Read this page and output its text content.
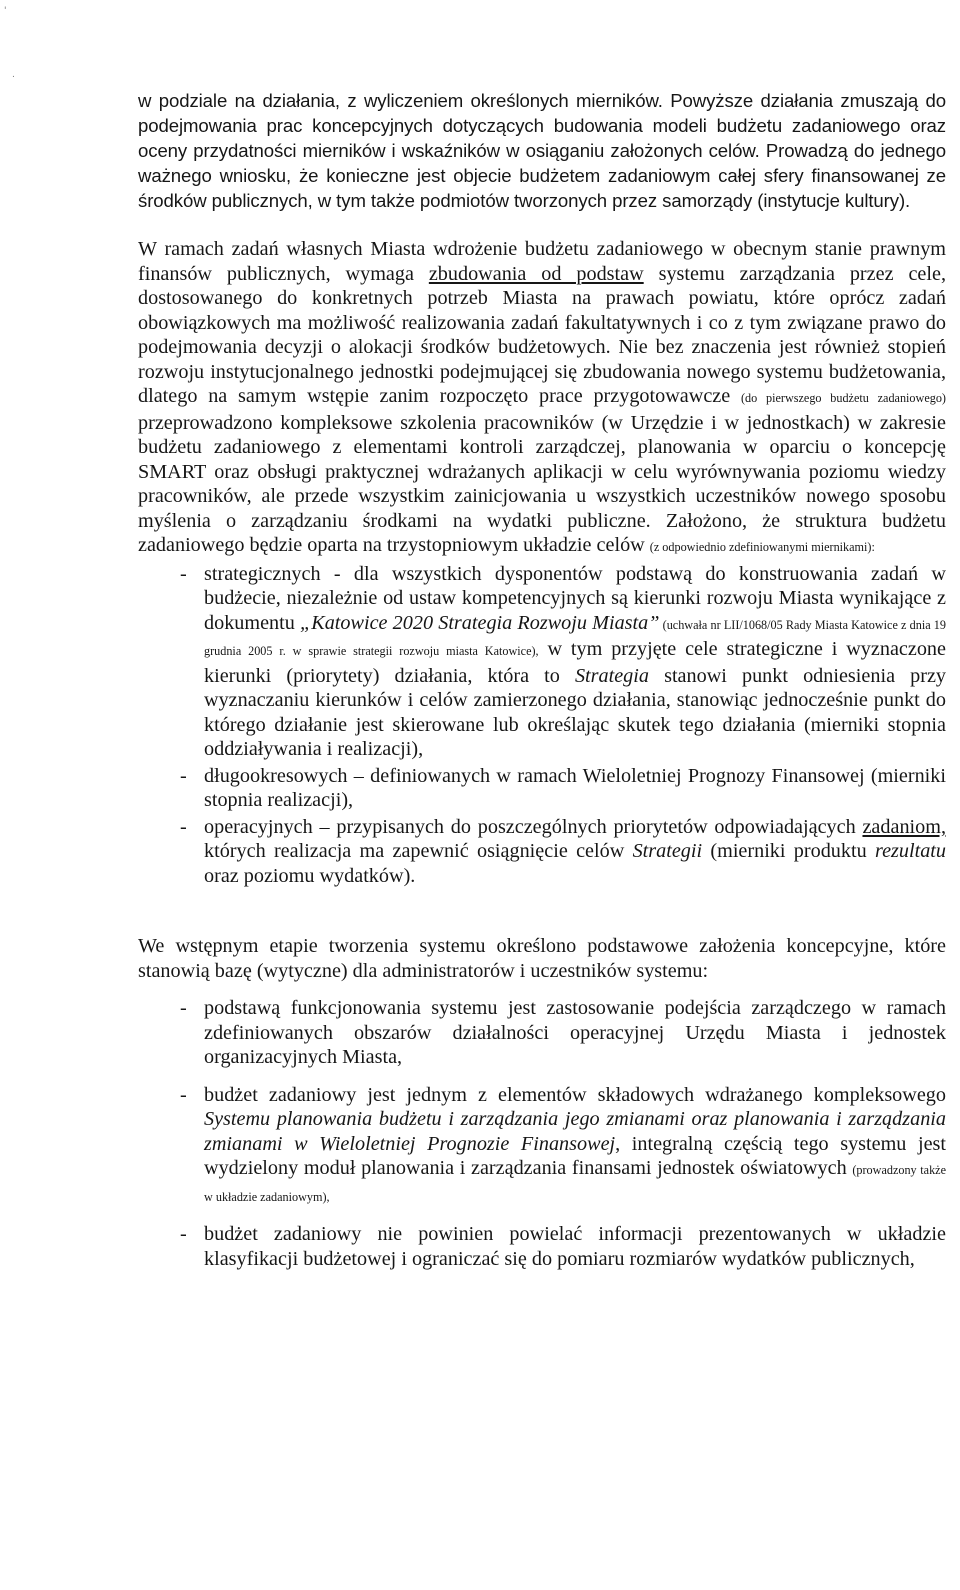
'
.

w podziale na działania, z wyliczeniem określonych mierników. Powyższe działania zmuszają do podejmowania prac koncepcyjnych dotyczących budowania modeli budżetu zadaniowego oraz oceny przydatności mierników i wskaźników w osiąganiu założonych celów. Prowadzą do jednego ważnego wniosku, że konieczne jest objecie budżetem zadaniowym całej sfery finansowanej ze środków publicznych, w tym także podmiotów tworzonych przez samorządy (instytucje kultury).

W ramach zadań własnych Miasta wdrożenie budżetu zadaniowego w obecnym stanie prawnym finansów publicznych, wymaga zbudowania od podstaw systemu zarządzania przez cele, dostosowanego do konkretnych potrzeb Miasta na prawach powiatu, które oprócz zadań obowiązkowych ma możliwość realizowania zadań fakultatywnych i co z tym związane prawo do podejmowania decyzji o alokacji środków budżetowych. Nie bez znaczenia jest również stopień rozwoju instytucjonalnego jednostki podejmującej się zbudowania nowego systemu budżetowania, dlatego na samym wstępie zanim rozpoczęto prace przygotowawcze (do pierwszego budżetu zadaniowego) przeprowadzono kompleksowe szkolenia pracowników (w Urzędzie i w jednostkach) w zakresie budżetu zadaniowego z elementami kontroli zarządczej, planowania w oparciu o koncepcję SMART oraz obsługi praktycznej wdrażanych aplikacji w celu wyrównywania poziomu wiedzy pracowników, ale przede wszystkim zainicjowania u wszystkich uczestników nowego sposobu myślenia o zarządzaniu środkami na wydatki publiczne. Założono, że struktura budżetu zadaniowego będzie oparta na trzystopniowym układzie celów (z odpowiednio zdefiniowanymi miernikami):

- strategicznych - dla wszystkich dysponentów podstawą do konstruowania zadań w budżecie, niezależnie od ustaw kompetencyjnych są kierunki rozwoju Miasta wynikające z dokumentu „Katowice 2020 Strategia Rozwoju Miasta” (uchwała nr LII/1068/05 Rady Miasta Katowice z dnia 19 grudnia 2005 r. w sprawie strategii rozwoju miasta Katowice), w tym przyjęte cele strategiczne i wyznaczone kierunki (priorytety) działania, która to Strategia stanowi punkt odniesienia przy wyznaczaniu kierunków i celów zamierzonego działania, stanowiąc jednocześnie punkt do którego działanie jest skierowane lub określając skutek tego działania (mierniki stopnia oddziaływania i realizacji),
- długookresowych – definiowanych w ramach Wieloletniej Prognozy Finansowej (mierniki stopnia realizacji),
- operacyjnych – przypisanych do poszczególnych priorytetów odpowiadających zadaniom, których realizacja ma zapewnić osiągnięcie celów Strategii (mierniki produktu rezultatu oraz poziomu wydatków).

We wstępnym etapie tworzenia systemu określono podstawowe założenia koncepcyjne, które stanowią bazę (wytyczne) dla administratorów i uczestników systemu:

- podstawą funkcjonowania systemu jest zastosowanie podejścia zarządczego w ramach zdefiniowanych obszarów działalności operacyjnej Urzędu Miasta i jednostek organizacyjnych Miasta,
- budżet zadaniowy jest jednym z elementów składowych wdrażanego kompleksowego Systemu planowania budżetu i zarządzania jego zmianami oraz planowania i zarządzania zmianami w Wieloletniej Prognozie Finansowej, integralną częścią tego systemu jest wydzielony moduł planowania i zarządzania finansami jednostek oświatowych (prowadzony także w układzie zadaniowym),
- budżet zadaniowy nie powinien powielać informacji prezentowanych w układzie klasyfikacji budżetowej i ograniczać się do pomiaru rozmiarów wydatków publicznych,
